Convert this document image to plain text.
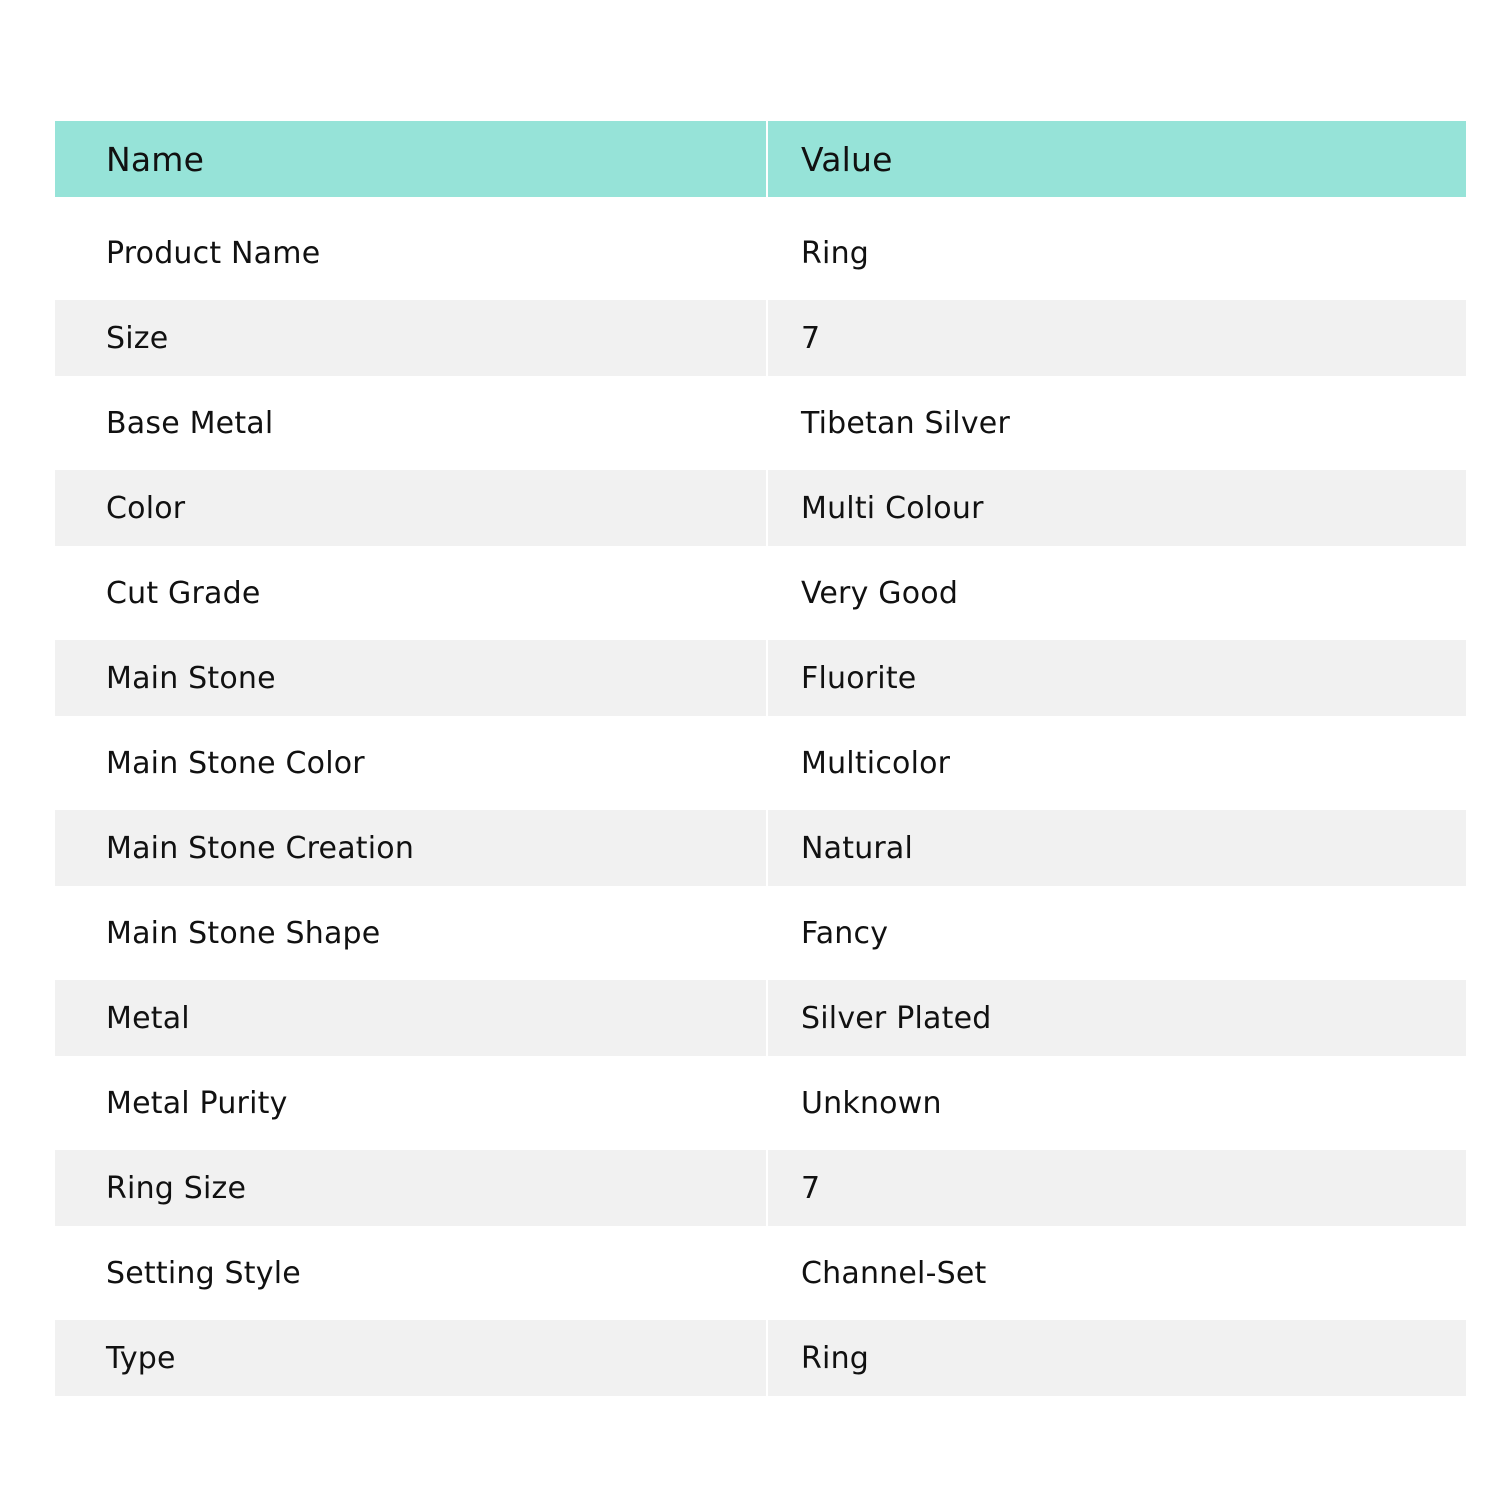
Name	Value
Product Name	Ring
Size	7
Base Metal	Tibetan Silver
Color	Multi Colour
Cut Grade	Very Good
Main Stone	Fluorite
Main Stone Color	Multicolor
Main Stone Creation	Natural
Main Stone Shape	Fancy
Metal	Silver Plated
Metal Purity	Unknown
Ring Size	7
Setting Style	Channel-Set
Type	Ring
